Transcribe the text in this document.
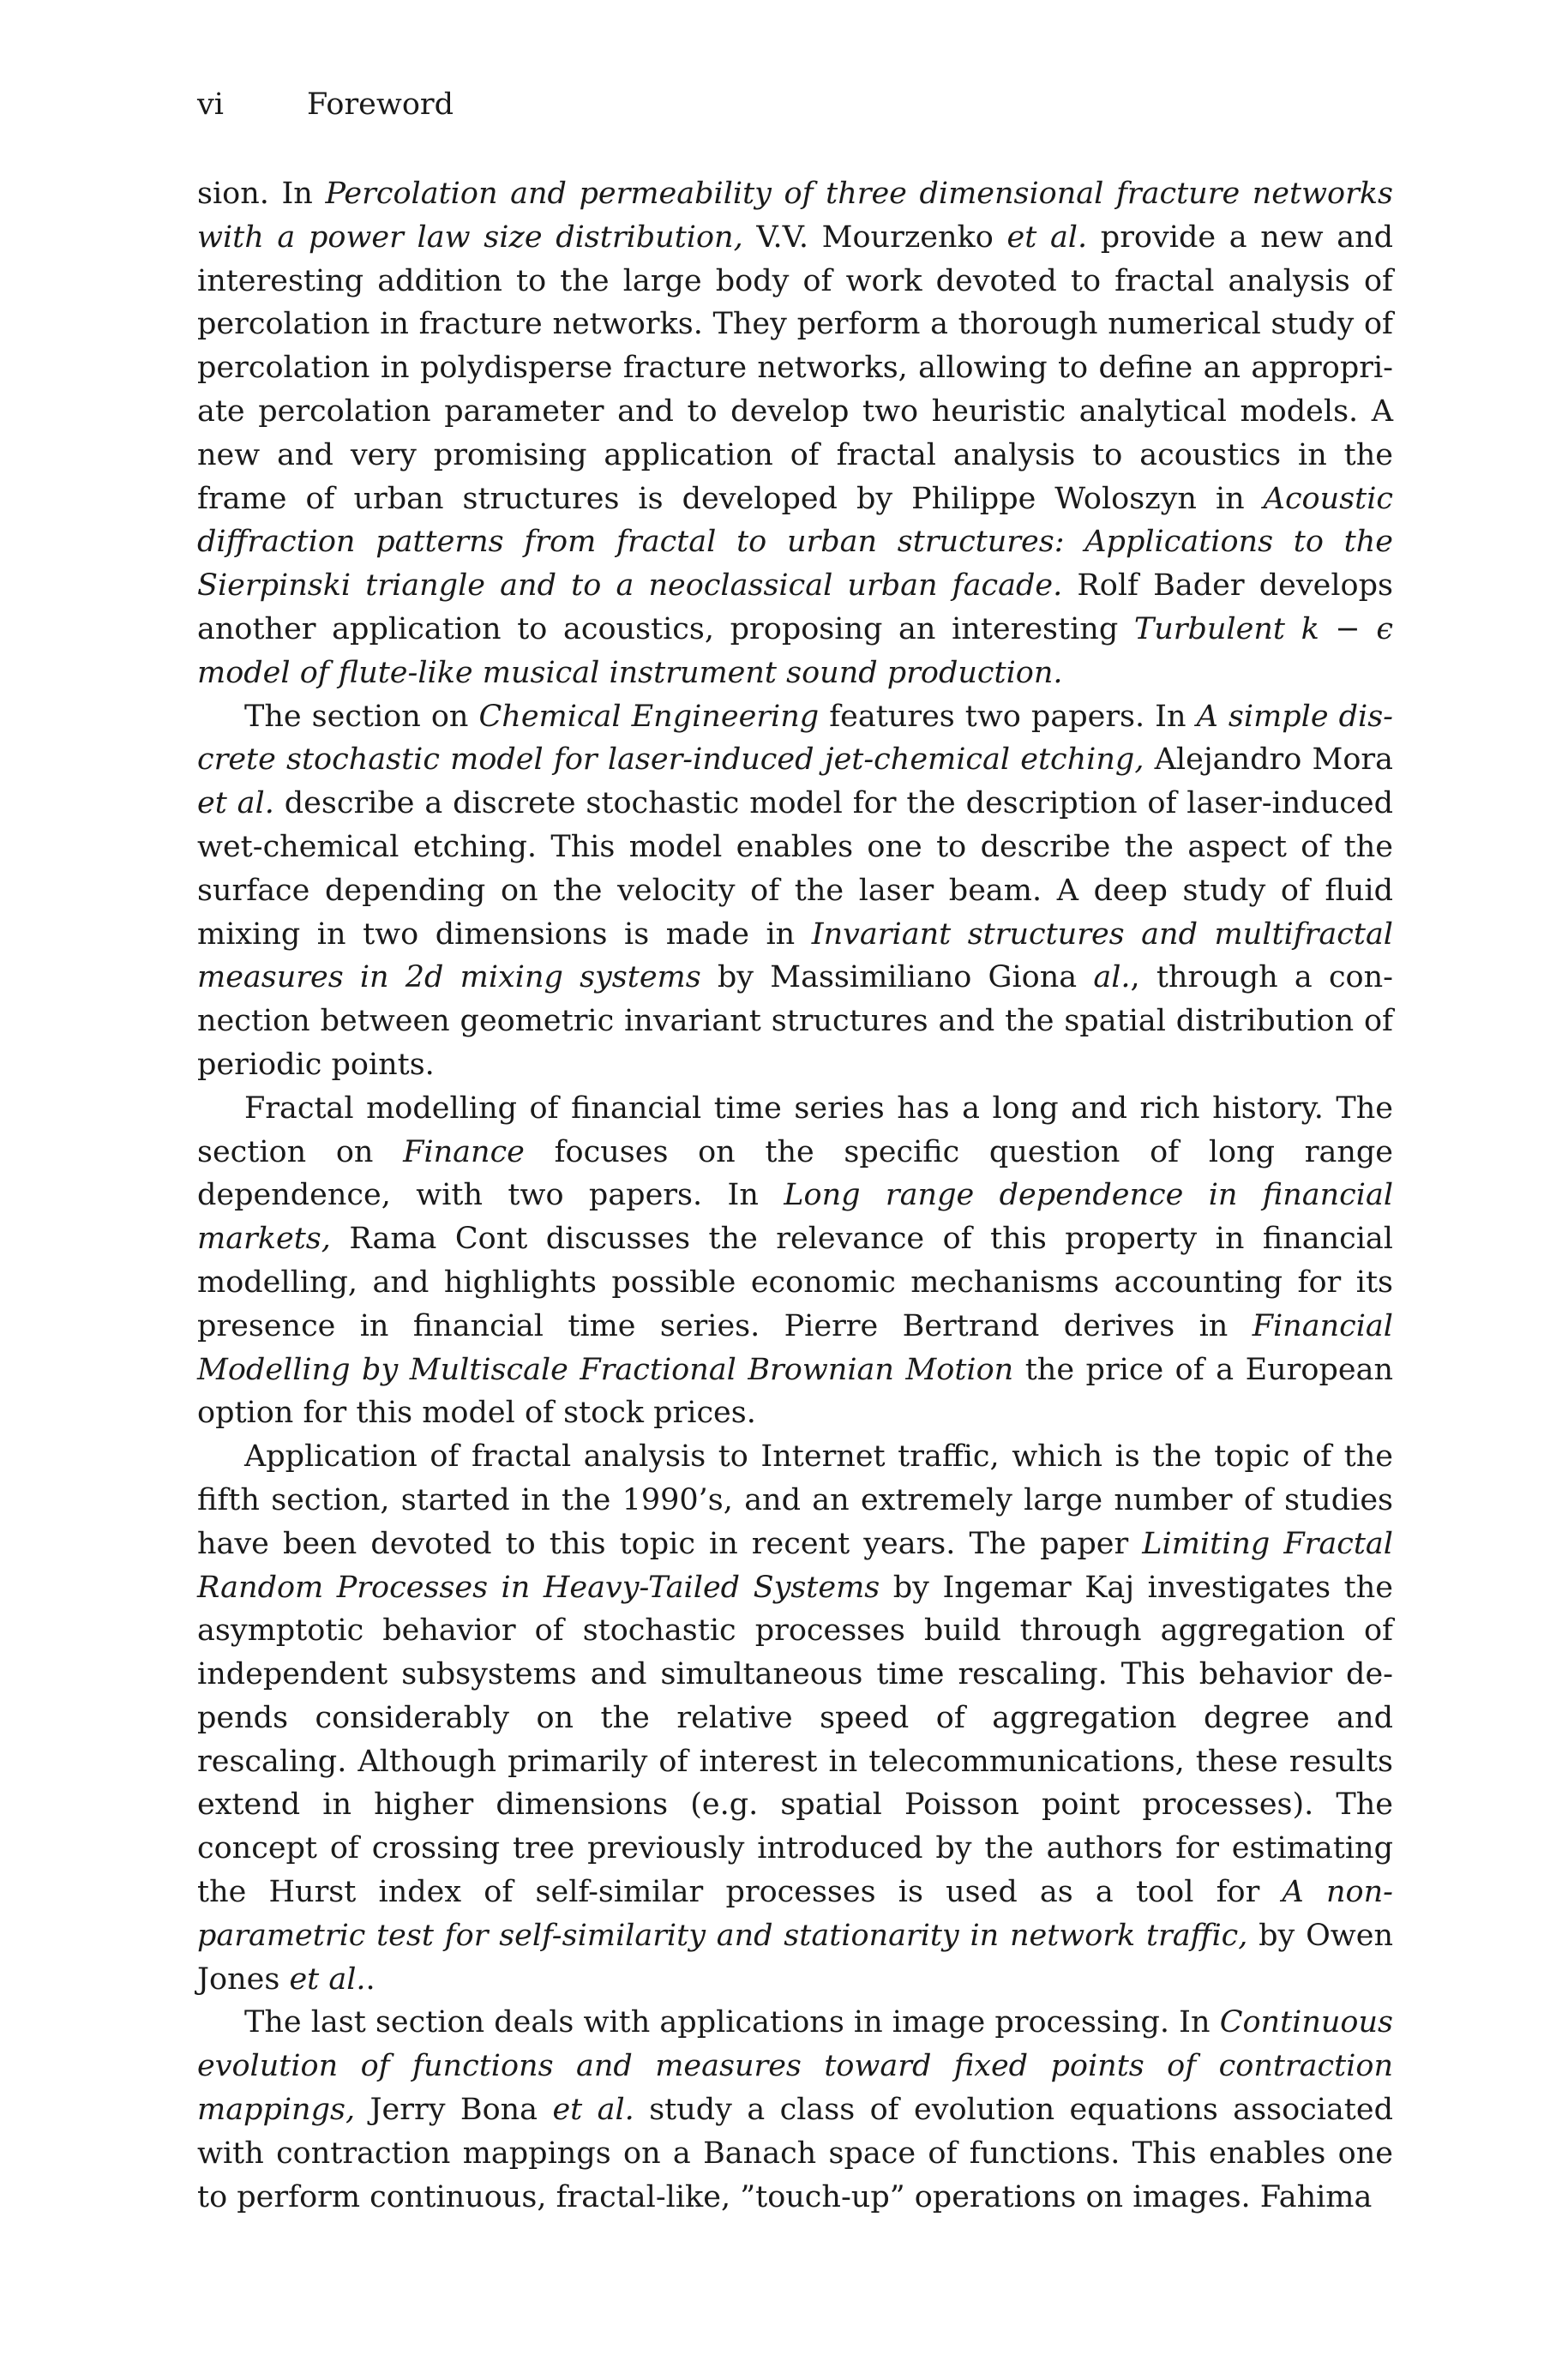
vi	Foreword

sion. In Percolation and permeability of three dimensional fracture networks with a power law size distribution, V.V. Mourzenko et al. provide a new and interesting addition to the large body of work devoted to fractal analysis of percolation in fracture networks. They perform a thorough numerical study of percolation in polydisperse fracture networks, allowing to define an appropriate percolation parameter and to develop two heuristic analytical models. A new and very promising application of fractal analysis to acoustics in the frame of urban structures is developed by Philippe Woloszyn in Acoustic diffraction patterns from fractal to urban structures: Applications to the Sierpinski triangle and to a neoclassical urban facade. Rolf Bader develops another application to acoustics, proposing an interesting Turbulent k − ϵ model of flute-like musical instrument sound production.

The section on Chemical Engineering features two papers. In A simple discrete stochastic model for laser-induced jet-chemical etching, Alejandro Mora et al. describe a discrete stochastic model for the description of laser-induced wet-chemical etching. This model enables one to describe the aspect of the surface depending on the velocity of the laser beam. A deep study of fluid mixing in two dimensions is made in Invariant structures and multifractal measures in 2d mixing systems by Massimiliano Giona al., through a connection between geometric invariant structures and the spatial distribution of periodic points.

Fractal modelling of financial time series has a long and rich history. The section on Finance focuses on the specific question of long range dependence, with two papers. In Long range dependence in financial markets, Rama Cont discusses the relevance of this property in financial modelling, and highlights possible economic mechanisms accounting for its presence in financial time series. Pierre Bertrand derives in Financial Modelling by Multiscale Fractional Brownian Motion the price of a European option for this model of stock prices.

Application of fractal analysis to Internet traffic, which is the topic of the fifth section, started in the 1990’s, and an extremely large number of studies have been devoted to this topic in recent years. The paper Limiting Fractal Random Processes in Heavy-Tailed Systems by Ingemar Kaj investigates the asymptotic behavior of stochastic processes build through aggregation of independent subsystems and simultaneous time rescaling. This behavior depends considerably on the relative speed of aggregation degree and rescaling. Although primarily of interest in telecommunications, these results extend in higher dimensions (e.g. spatial Poisson point processes). The concept of crossing tree previously introduced by the authors for estimating the Hurst index of self-similar processes is used as a tool for A non-parametric test for self-similarity and stationarity in network traffic, by Owen Jones et al..

The last section deals with applications in image processing. In Continuous evolution of functions and measures toward fixed points of contraction mappings, Jerry Bona et al. study a class of evolution equations associated with contraction mappings on a Banach space of functions. This enables one to perform continuous, fractal-like, ”touch-up” operations on images. Fahima
